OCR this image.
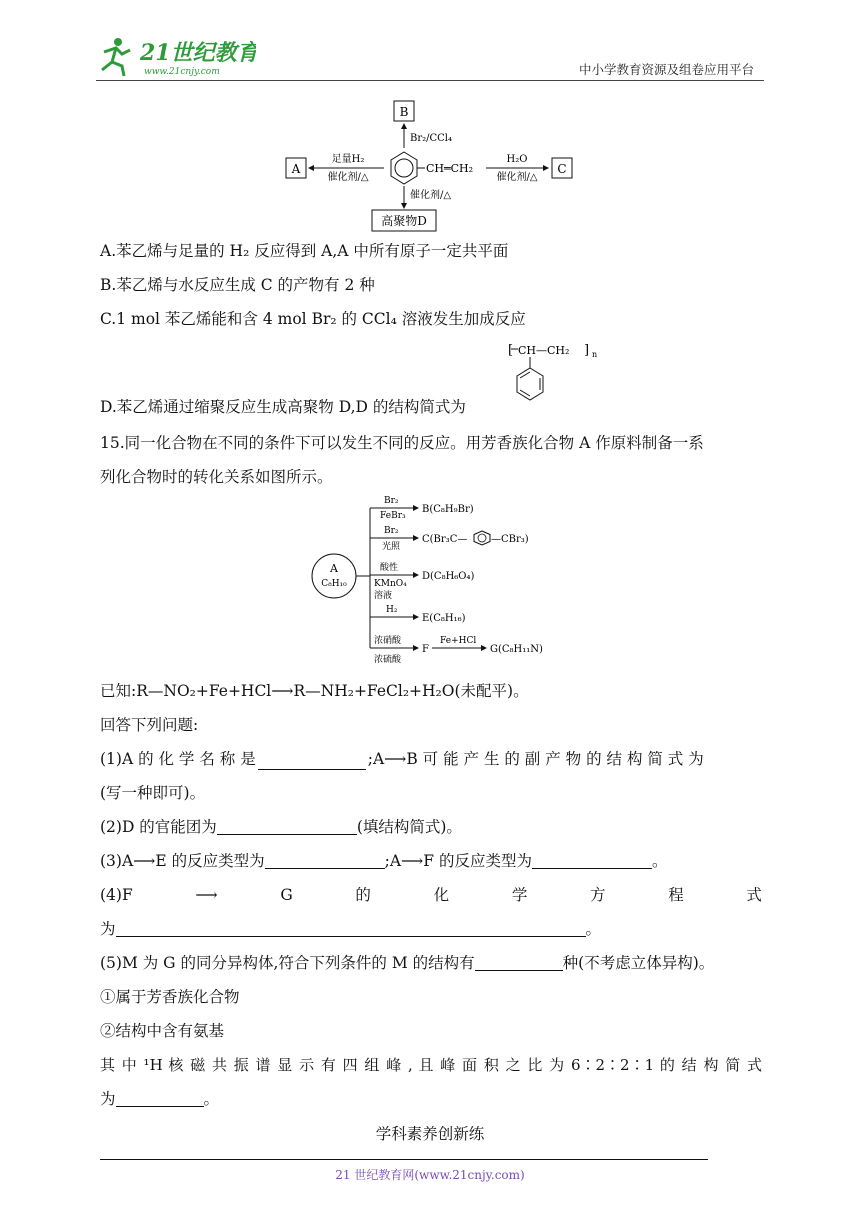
21世纪教育
www.21cnjy.com	中小学教育资源及组卷应用平台
B
Br₂/CCl₄
A
足量H₂
催化剂/△
CH═CH₂
H₂O
催化剂/△
C
催化剂/△
高聚物D
A.苯乙烯与足量的 H₂ 反应得到 A,A 中所有原子一定共平面
B.苯乙烯与水反应生成 C 的产物有 2 种
C.1 mol 苯乙烯能和含 4 mol Br₂ 的 CCl₄ 溶液发生加成反应
[ CH—CH₂ ] n
D.苯乙烯通过缩聚反应生成高聚物 D,D 的结构简式为
15.同一化合物在不同的条件下可以发生不同的反应。用芳香族化合物 A 作原料制备一系
列化合物时的转化关系如图所示。
A
C₈H₁₀
Br₂
FeBr₃
B(C₈H₉Br)
Br₂
光照
C(Br₃C— —CBr₃)
酸性
KMnO₄
溶液
D(C₈H₆O₄)
H₂
E(C₈H₁₆)
浓硝酸
浓硫酸
F
Fe+HCl
G(C₈H₁₁N)
已知:R—NO₂+Fe+HCl⟶R—NH₂+FeCl₂+H₂O(未配平)。
回答下列问题:
(1)A 的 化 学 名 称 是	;A⟶B 可 能 产 生 的 副 产 物 的 结 构 简 式 为
(写一种即可)。
(2)D 的官能团为	(填结构简式)。
(3)A⟶E 的反应类型为	;A⟶F 的反应类型为	。
(4)F	⟶	G	的	化	学	方	程	式
为	。
(5)M 为 G 的同分异构体,符合下列条件的 M 的结构有	种(不考虑立体异构)。
①属于芳香族化合物
②结构中含有氨基
其 中 ¹H 核 磁 共 振 谱 显 示 有 四 组 峰 , 且 峰 面 积 之 比 为 6∶2∶2∶1 的 结 构 简 式
为	。
学科素养创新练
21 世纪教育网(www.21cnjy.com)
